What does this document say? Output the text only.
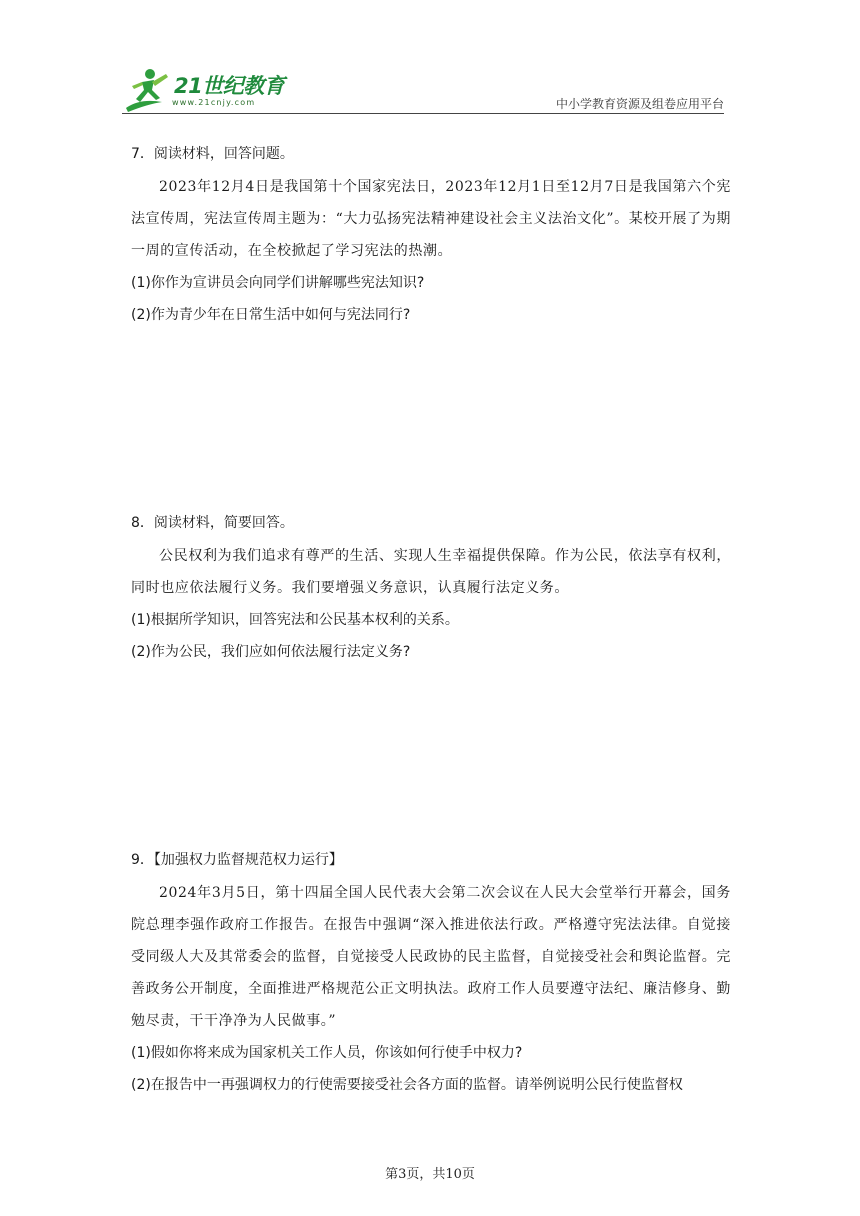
21世纪教育
www.21cnjy.com	中小学教育资源及组卷应用平台
7．阅读材料，回答问题。
2023年12月4日是我国第十个国家宪法日，2023年12月1日至12月7日是我国第六个宪法宣传周，宪法宣传周主题为：“大力弘扬宪法精神建设社会主义法治文化”。某校开展了为期一周的宣传活动，在全校掀起了学习宪法的热潮。
(1)你作为宣讲员会向同学们讲解哪些宪法知识?
(2)作为青少年在日常生活中如何与宪法同行?
8．阅读材料，简要回答。
公民权利为我们追求有尊严的生活、实现人生幸福提供保障。作为公民，依法享有权利，同时也应依法履行义务。我们要增强义务意识，认真履行法定义务。
(1)根据所学知识，回答宪法和公民基本权利的关系。
(2)作为公民，我们应如何依法履行法定义务?
9．【加强权力监督规范权力运行】
2024年3月5日，第十四届全国人民代表大会第二次会议在人民大会堂举行开幕会，国务院总理李强作政府工作报告。在报告中强调“深入推进依法行政。严格遵守宪法法律。自觉接受同级人大及其常委会的监督，自觉接受人民政协的民主监督，自觉接受社会和舆论监督。完善政务公开制度，全面推进严格规范公正文明执法。政府工作人员要遵守法纪、廉洁修身、勤勉尽责，干干净净为人民做事。”
(1)假如你将来成为国家机关工作人员，你该如何行使手中权力?
(2)在报告中一再强调权力的行使需要接受社会各方面的监督。请举例说明公民行使监督权
第3页，共10页
